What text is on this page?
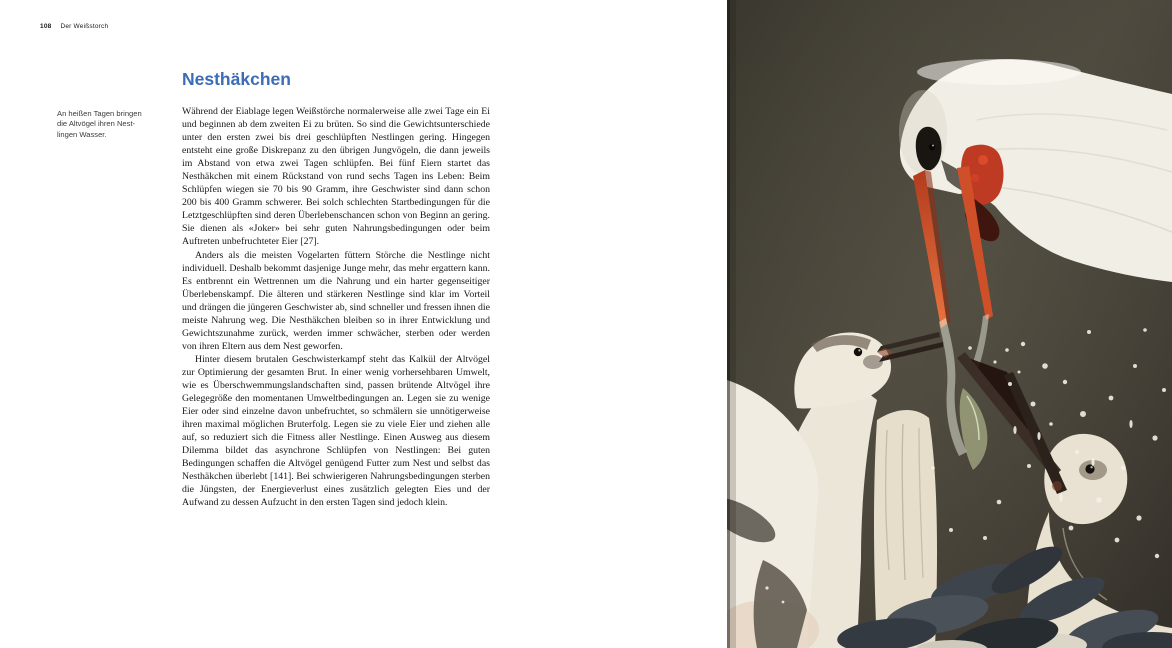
108 Der Weißstorch
An heißen Tagen bringen
die Altvögel ihren Nest-
lingen Wasser.
Nesthäkchen

Während der Eiablage legen Weißstörche normalerweise alle zwei Tage ein Ei und beginnen ab dem zweiten Ei zu brüten. So sind die Gewichtsunterschiede unter den ersten zwei bis drei geschlüpften Nestlingen gering. Hingegen entsteht eine große Diskrepanz zu den übrigen Jungvögeln, die dann jeweils im Abstand von etwa zwei Tagen schlüpfen. Bei fünf Eiern startet das Nesthäkchen mit einem Rückstand von rund sechs Tagen ins Leben: Beim Schlüpfen wiegen sie 70 bis 90 Gramm, ihre Geschwister sind dann schon 200 bis 400 Gramm schwerer. Bei solch schlechten Startbedingungen für die Letztgeschlüpften sind deren Überlebenschancen schon von Beginn an gering. Sie dienen als «Joker» bei sehr guten Nahrungsbedingungen oder beim Auftreten unbefruchteter Eier [27].

Anders als die meisten Vogelarten füttern Störche die Nestlinge nicht individuell. Deshalb bekommt dasjenige Junge mehr, das mehr ergattern kann. Es entbrennt ein Wettrennen um die Nahrung und ein harter gegenseitiger Überlebenskampf. Die älteren und stärkeren Nestlinge sind klar im Vorteil und drängen die jüngeren Geschwister ab, sind schneller und fressen ihnen die meiste Nahrung weg. Die Nesthäkchen bleiben so in ihrer Entwicklung und Gewichtszunahme zurück, werden immer schwächer, sterben oder werden von ihren Eltern aus dem Nest geworfen.

Hinter diesem brutalen Geschwisterkampf steht das Kalkül der Altvögel zur Optimierung der gesamten Brut. In einer wenig vorhersehbaren Umwelt, wie es Überschwemmungslandschaften sind, passen brütende Altvögel ihre Gelegegröße den momentanen Umweltbedingungen an. Legen sie zu wenige Eier oder sind einzelne davon unbefruchtet, so schmälern sie unnötigerweise ihren maximal möglichen Bruterfolg. Legen sie zu viele Eier und ziehen alle auf, so reduziert sich die Fitness aller Nestlinge. Einen Ausweg aus diesem Dilemma bildet das asynchrone Schlüpfen von Nestlingen: Bei guten Bedingungen schaffen die Altvögel genügend Futter zum Nest und selbst das Nesthäkchen überlebt [141]. Bei schwierigeren Nahrungsbedingungen sterben die Jüngsten, der Energieverlust eines zusätzlich gelegten Eies und der Aufwand zu dessen Aufzucht in den ersten Tagen sind jedoch klein.
